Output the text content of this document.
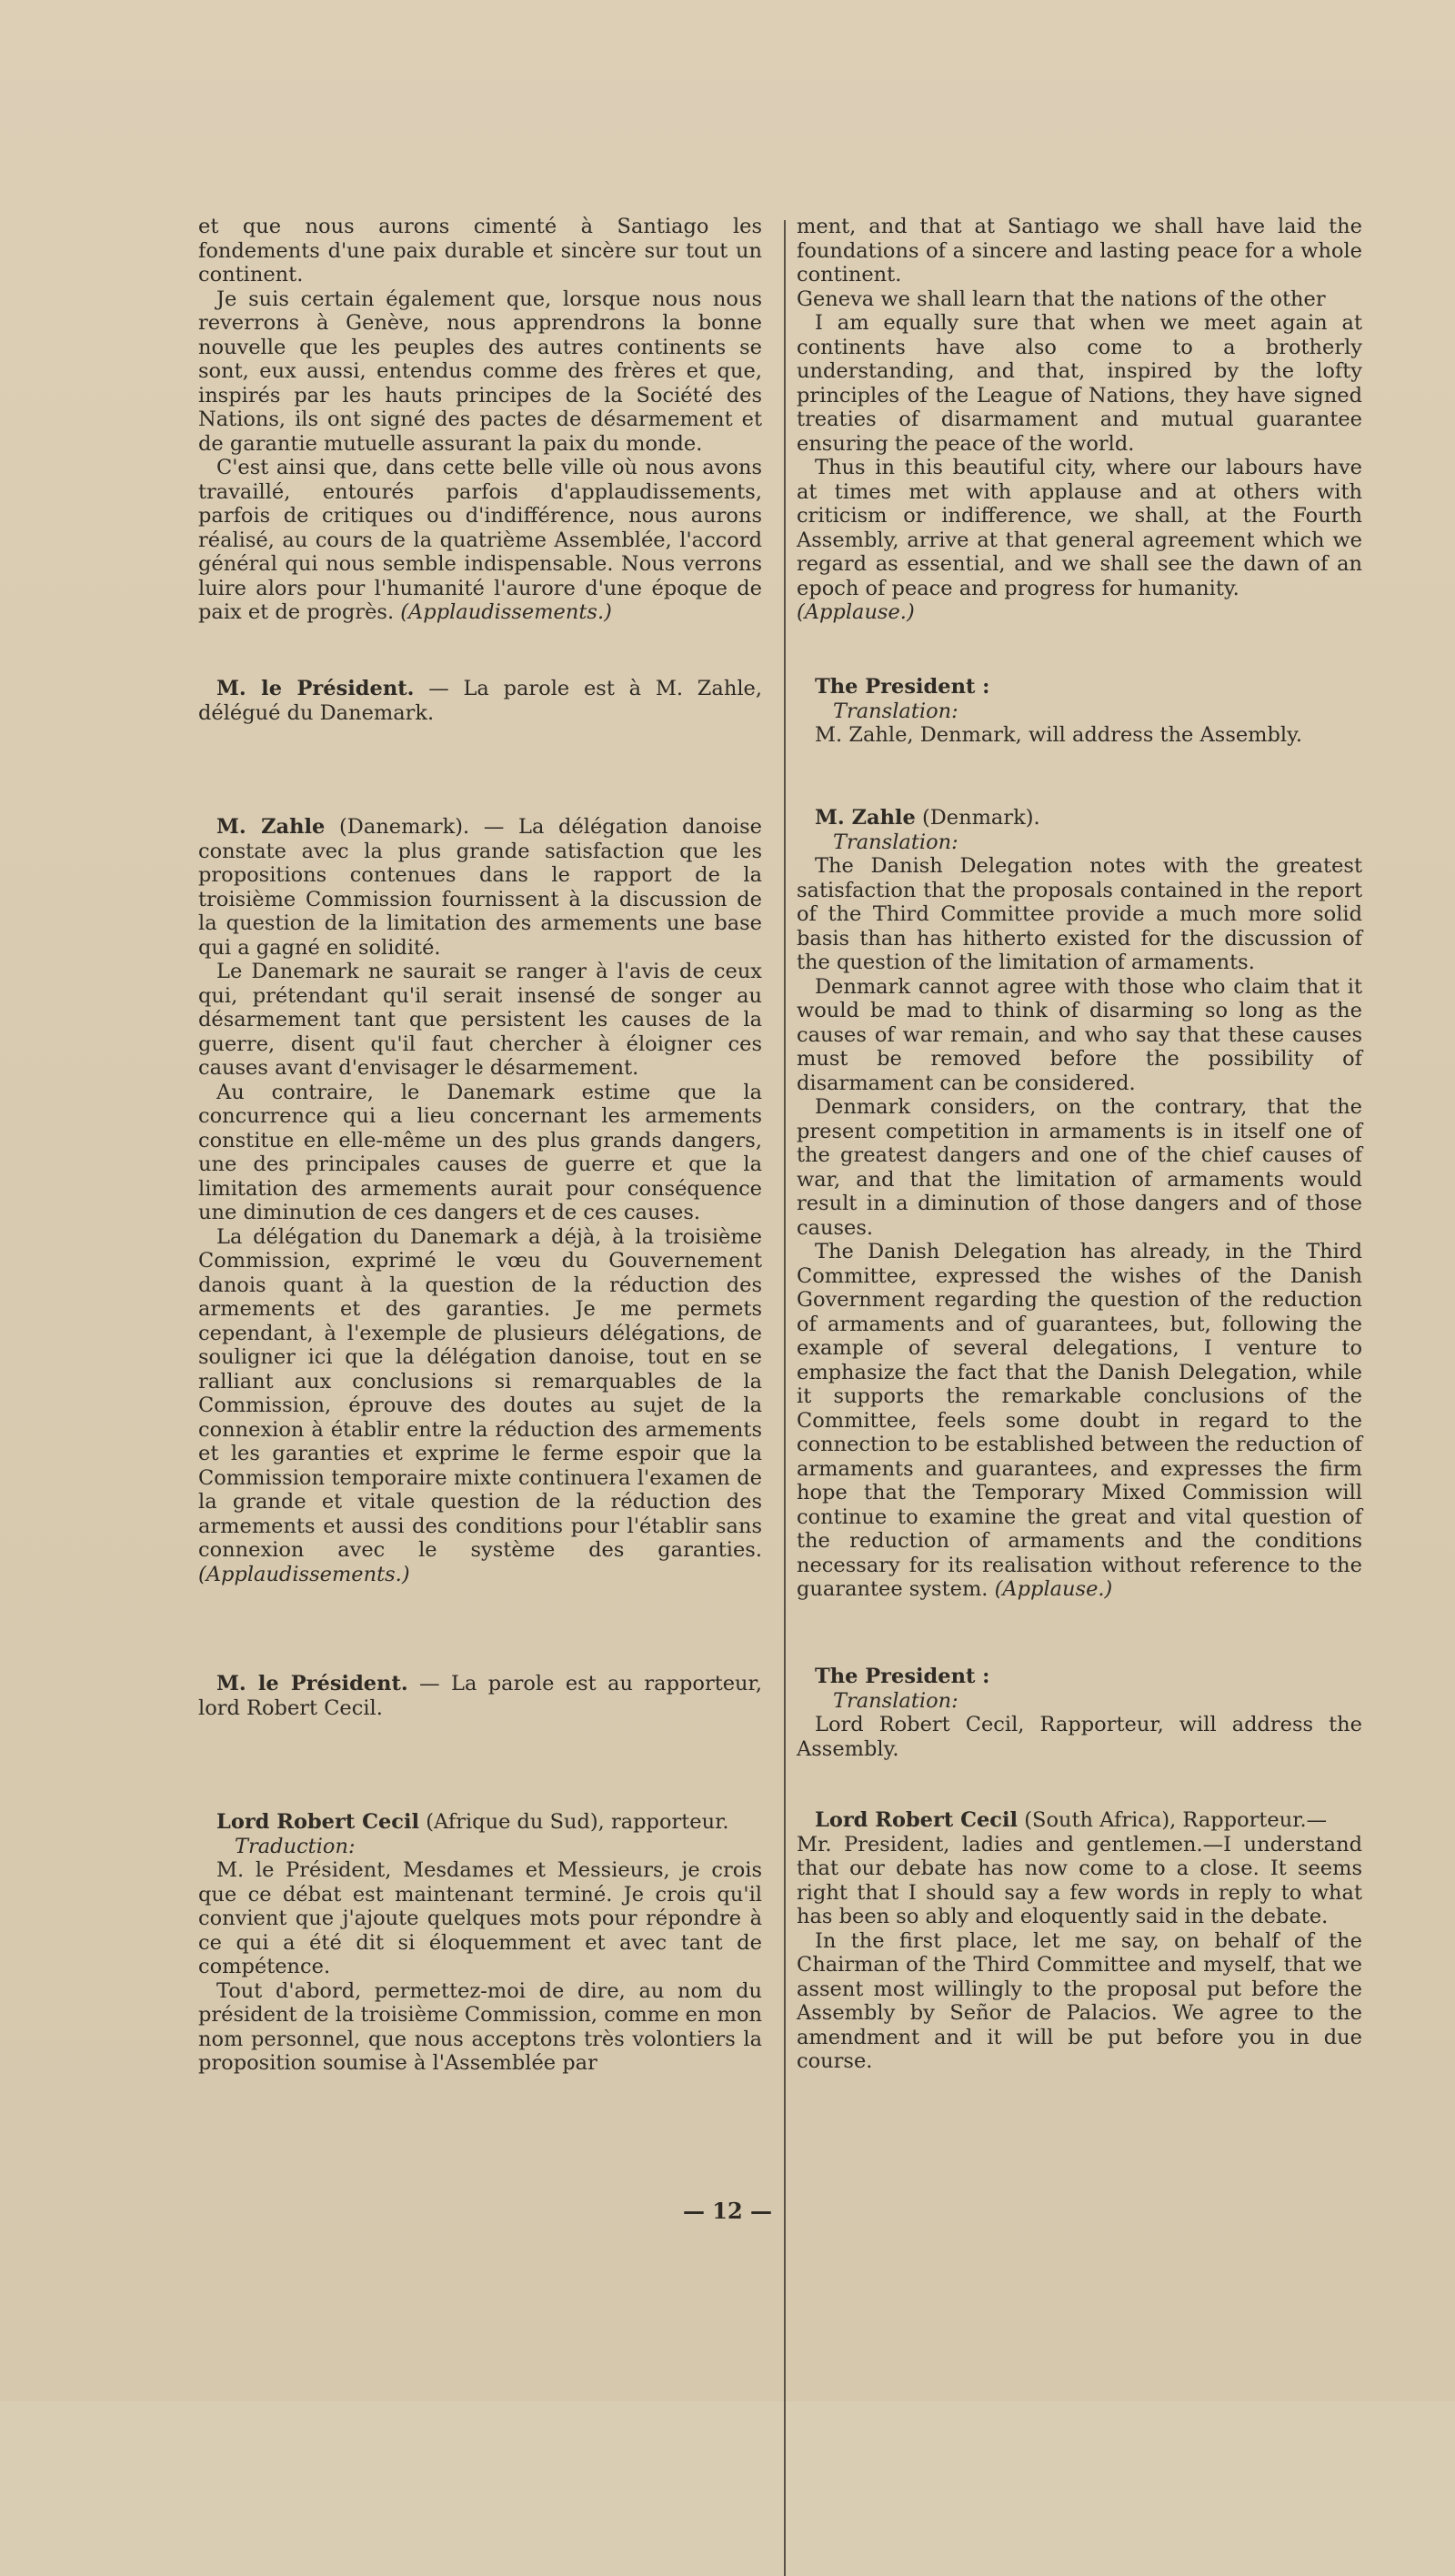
et que nous aurons cimenté à Santiago les fondements d'une paix durable et sincère sur tout un continent.

Je suis certain également que, lorsque nous nous reverrons à Genève, nous apprendrons la bonne nouvelle que les peuples des autres continents se sont, eux aussi, entendus comme des frères et que, inspirés par les hauts principes de la Société des Nations, ils ont signé des pactes de désarmement et de garantie mutuelle assurant la paix du monde.

C'est ainsi que, dans cette belle ville où nous avons travaillé, entourés parfois d'applaudissements, parfois de critiques ou d'indifférence, nous aurons réalisé, au cours de la quatrième Assemblée, l'accord général qui nous semble indispensable. Nous verrons luire alors pour l'humanité l'aurore d'une époque de paix et de progrès. (Applaudissements.)

M. le Président. — La parole est à M. Zahle, délégué du Danemark.

M. Zahle (Danemark). — La délégation danoise constate avec la plus grande satisfaction que les propositions contenues dans le rapport de la troisième Commission fournissent à la discussion de la question de la limitation des armements une base qui a gagné en solidité.

Le Danemark ne saurait se ranger à l'avis de ceux qui, prétendant qu'il serait insensé de songer au désarmement tant que persistent les causes de la guerre, disent qu'il faut chercher à éloigner ces causes avant d'envisager le désarmement.

Au contraire, le Danemark estime que la concurrence qui a lieu concernant les armements constitue en elle-même un des plus grands dangers, une des principales causes de guerre et que la limitation des armements aurait pour conséquence une diminution de ces dangers et de ces causes.

La délégation du Danemark a déjà, à la troisième Commission, exprimé le vœu du Gouvernement danois quant à la question de la réduction des armements et des garanties. Je me permets cependant, à l'exemple de plusieurs délégations, de souligner ici que la délégation danoise, tout en se ralliant aux conclusions si remarquables de la Commission, éprouve des doutes au sujet de la connexion à établir entre la réduction des armements et les garanties et exprime le ferme espoir que la Commission temporaire mixte continuera l'examen de la grande et vitale question de la réduction des armements et aussi des conditions pour l'établir sans connexion avec le système des garanties. (Applaudissements.)

M. le Président. — La parole est au rapporteur, lord Robert Cecil.

Lord Robert Cecil (Afrique du Sud), rapporteur.

Traduction:

M. le Président, Mesdames et Messieurs, je crois que ce débat est maintenant terminé. Je crois qu'il convient que j'ajoute quelques mots pour répondre à ce qui a été dit si éloquemment et avec tant de compétence.

Tout d'abord, permettez-moi de dire, au nom du président de la troisième Commission, comme en mon nom personnel, que nous acceptons très volontiers la proposition soumise à l'Assemblée par

ment, and that at Santiago we shall have laid the foundations of a sincere and lasting peace for a whole continent.

Geneva we shall learn that the nations of the other

I am equally sure that when we meet again at continents have also come to a brotherly understanding, and that, inspired by the lofty principles of the League of Nations, they have signed treaties of disarmament and mutual guarantee ensuring the peace of the world.

Thus in this beautiful city, where our labours have at times met with applause and at others with criticism or indifference, we shall, at the Fourth Assembly, arrive at that general agreement which we regard as essential, and we shall see the dawn of an epoch of peace and progress for humanity.

(Applause.)

The President :

Translation:

M. Zahle, Denmark, will address the Assembly.

M. Zahle (Denmark).

Translation:

The Danish Delegation notes with the greatest satisfaction that the proposals contained in the report of the Third Committee provide a much more solid basis than has hitherto existed for the discussion of the question of the limitation of armaments.

Denmark cannot agree with those who claim that it would be mad to think of disarming so long as the causes of war remain, and who say that these causes must be removed before the possibility of disarmament can be considered.

Denmark considers, on the contrary, that the present competition in armaments is in itself one of the greatest dangers and one of the chief causes of war, and that the limitation of armaments would result in a diminution of those dangers and of those causes.

The Danish Delegation has already, in the Third Committee, expressed the wishes of the Danish Government regarding the question of the reduction of armaments and of guarantees, but, following the example of several delegations, I venture to emphasize the fact that the Danish Delegation, while it supports the remarkable conclusions of the Committee, feels some doubt in regard to the connection to be established between the reduction of armaments and guarantees, and expresses the firm hope that the Temporary Mixed Commission will continue to examine the great and vital question of the reduction of armaments and the conditions necessary for its realisation without reference to the guarantee system. (Applause.)

The President :

Translation:

Lord Robert Cecil, Rapporteur, will address the Assembly.

Lord Robert Cecil (South Africa), Rapporteur.—

Mr. President, ladies and gentlemen.—I understand that our debate has now come to a close. It seems right that I should say a few words in reply to what has been so ably and eloquently said in the debate.

In the first place, let me say, on behalf of the Chairman of the Third Committee and myself, that we assent most willingly to the proposal put before the Assembly by Señor de Palacios. We agree to the amendment and it will be put before you in due course.

— 12 —
